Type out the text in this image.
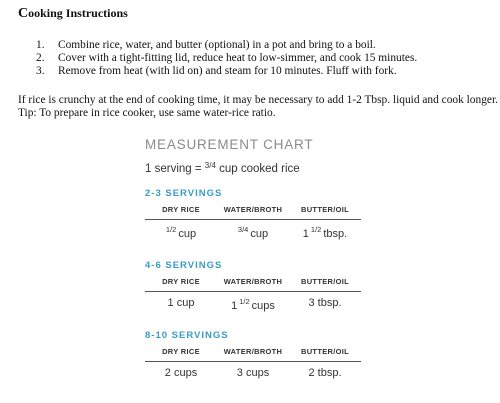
Cooking Instructions
1. Combine rice, water, and butter (optional) in a pot and bring to a boil.
2. Cover with a tight-fitting lid, reduce heat to low-simmer, and cook 15 minutes.
3. Remove from heat (with lid on) and steam for 10 minutes. Fluff with fork.
If rice is crunchy at the end of cooking time, it may be necessary to add 1-2 Tbsp. liquid and cook longer.
Tip: To prepare in rice cooker, use same water-rice ratio.
MEASUREMENT CHART
1 serving = $^{3/4}$ cup cooked rice
2-3 SERVINGS
DRY RICE	WATER/BROTH	BUTTER/OIL
$^{1/2}$ cup	$^{3/4}$ cup	1 $^{1/2}$ tbsp.
4-6 SERVINGS
DRY RICE	WATER/BROTH	BUTTER/OIL
1 cup	1 $^{1/2}$ cups	3 tbsp.
8-10 SERVINGS
DRY RICE	WATER/BROTH	BUTTER/OIL
2 cups	3 cups	2 tbsp.
